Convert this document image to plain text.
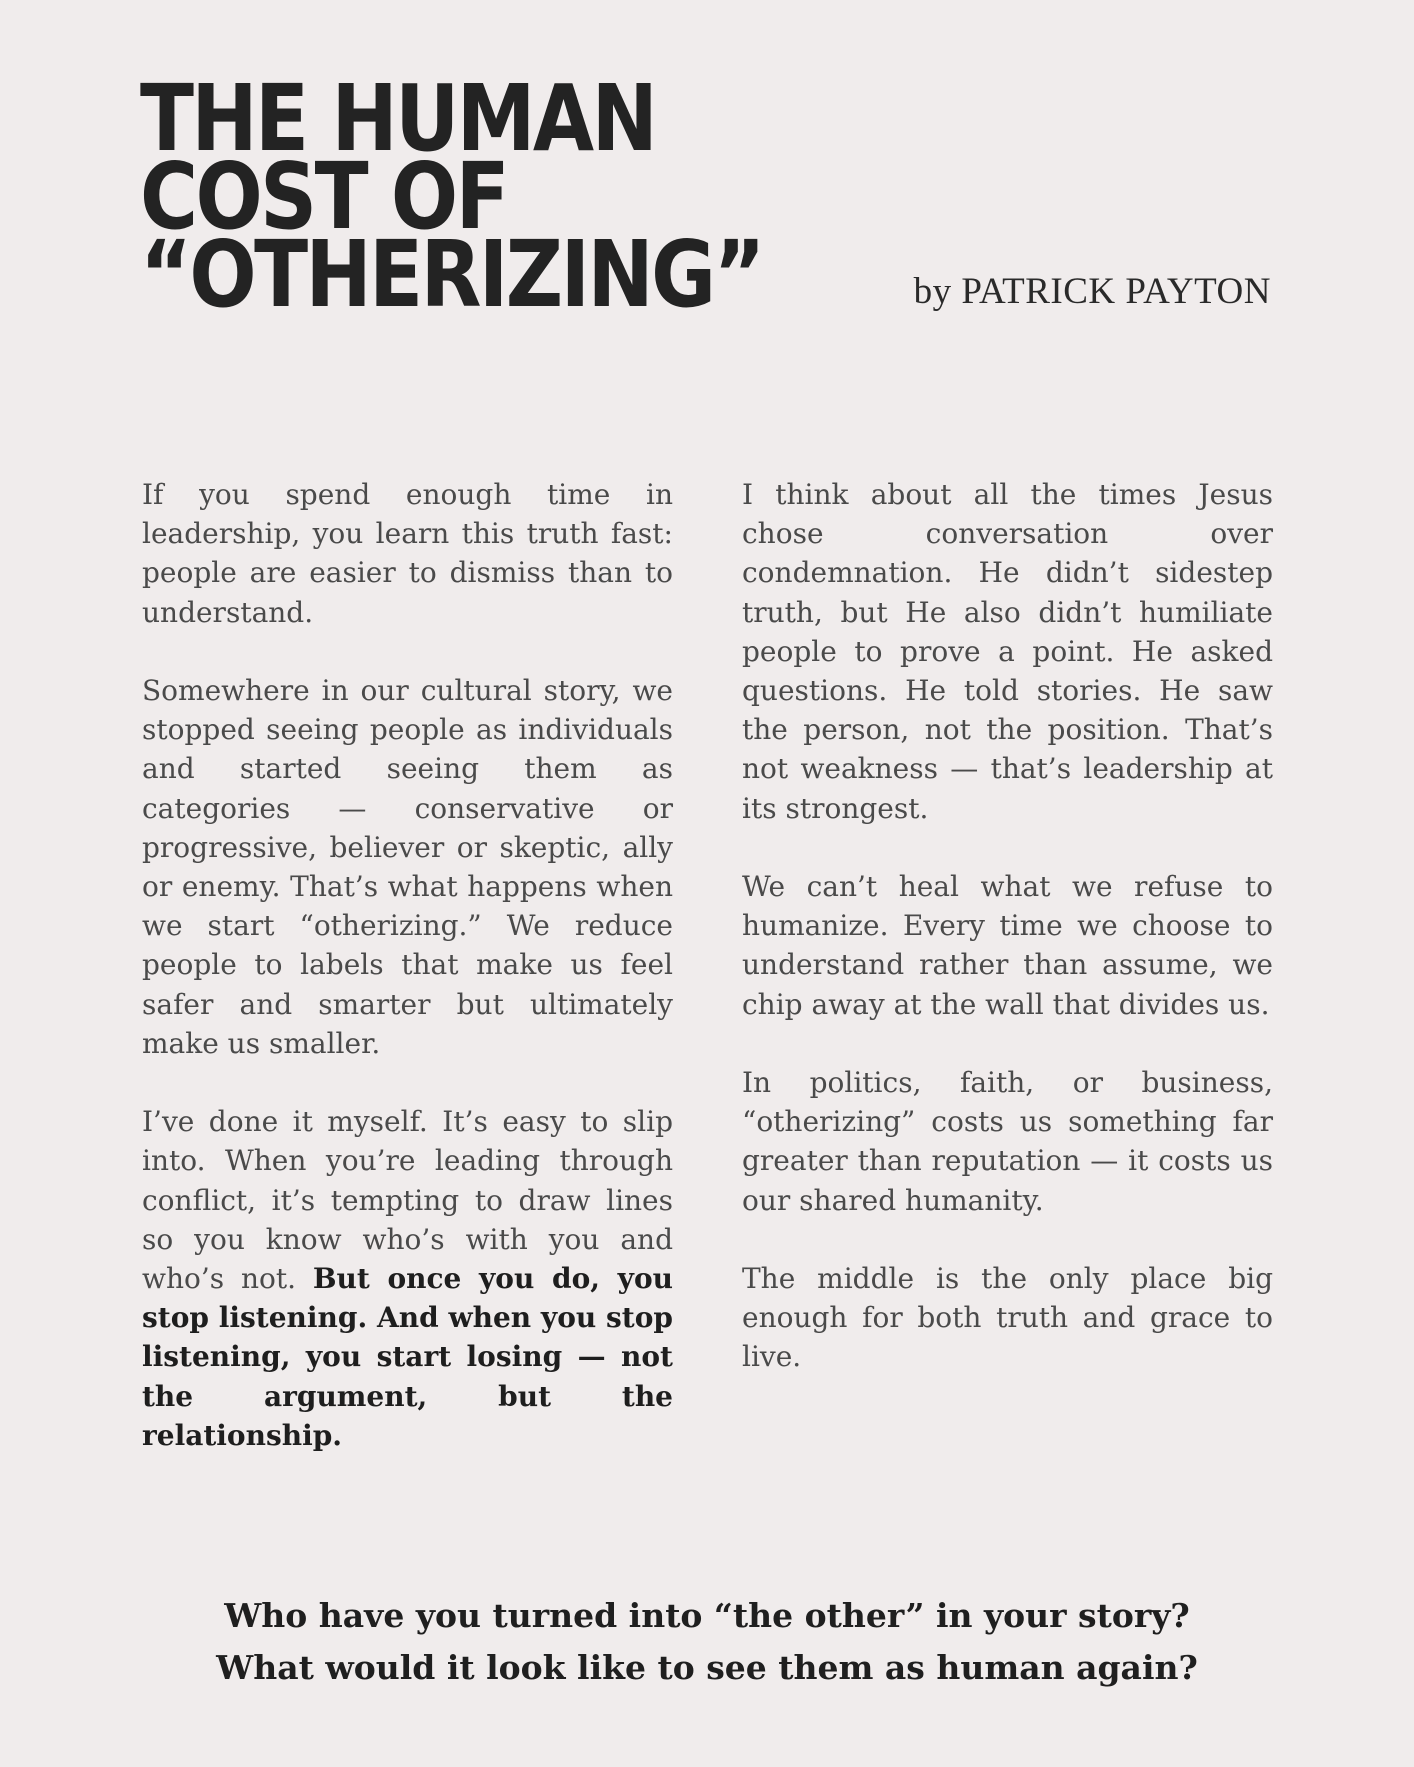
THE HUMAN
COST OF
“OTHERIZING”	by PATRICK PAYTON

If you spend enough time in leadership, you learn this truth fast: people are easier to dismiss than to understand.

Somewhere in our cultural story, we stopped seeing people as individuals and started seeing them as categories — conservative or progressive, believer or skeptic, ally or enemy. That’s what happens when we start “otherizing.” We reduce people to labels that make us feel safer and smarter but ultimately make us smaller.

I’ve done it myself. It’s easy to slip into. When you’re leading through conflict, it’s tempting to draw lines so you know who’s with you and who’s not. But once you do, you stop listening. And when you stop listening, you start losing — not the argument, but the relationship.

I think about all the times Jesus chose conversation over condemnation. He didn’t sidestep truth, but He also didn’t humiliate people to prove a point. He asked questions. He told stories. He saw the person, not the position. That’s not weakness — that’s leadership at its strongest.

We can’t heal what we refuse to humanize. Every time we choose to understand rather than assume, we chip away at the wall that divides us.

In politics, faith, or business, “otherizing” costs us something far greater than reputation — it costs us our shared humanity.

The middle is the only place big enough for both truth and grace to live.

Who have you turned into “the other” in your story?
What would it look like to see them as human again?
